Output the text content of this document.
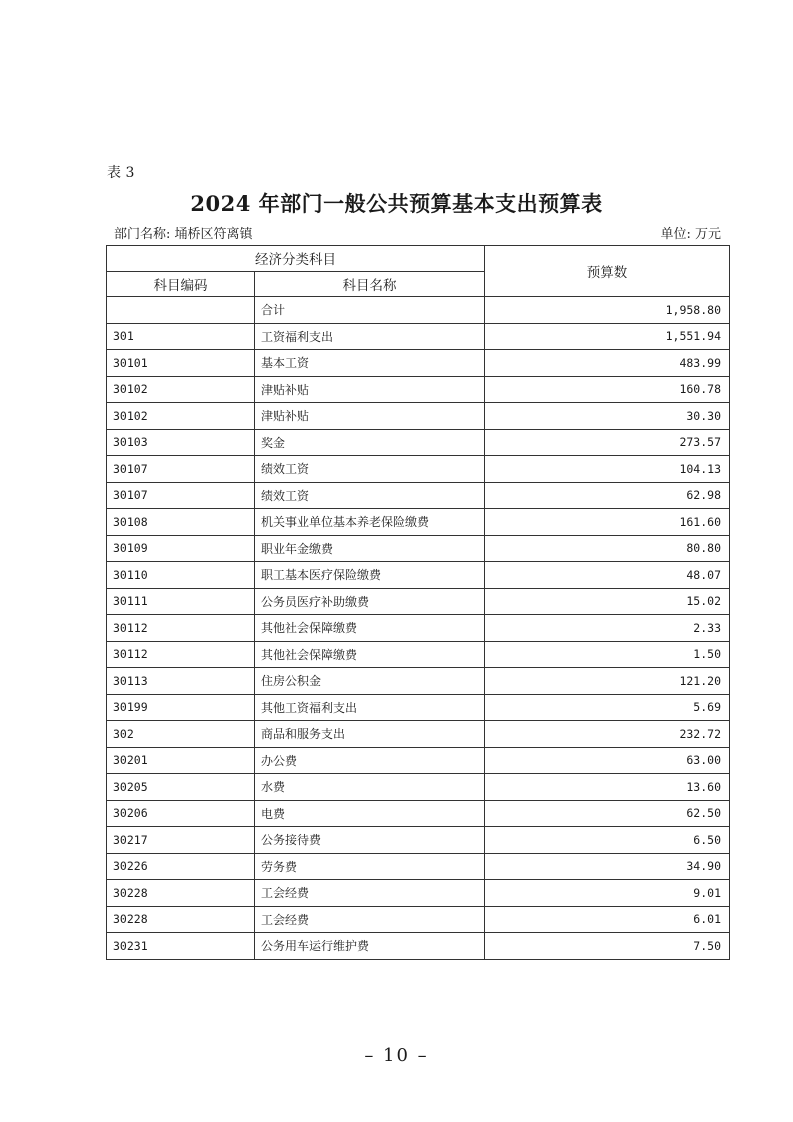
表 3
2024 年部门一般公共预算基本支出预算表
部门名称: 埇桥区符离镇	单位: 万元
经济分类科目		预算数
科目编码	科目名称	
	合计	1,958.80
301	工资福利支出	1,551.94
30101	基本工资	483.99
30102	津贴补贴	160.78
30102	津贴补贴	30.30
30103	奖金	273.57
30107	绩效工资	104.13
30107	绩效工资	62.98
30108	机关事业单位基本养老保险缴费	161.60
30109	职业年金缴费	80.80
30110	职工基本医疗保险缴费	48.07
30111	公务员医疗补助缴费	15.02
30112	其他社会保障缴费	2.33
30112	其他社会保障缴费	1.50
30113	住房公积金	121.20
30199	其他工资福利支出	5.69
302	商品和服务支出	232.72
30201	办公费	63.00
30205	水费	13.60
30206	电费	62.50
30217	公务接待费	6.50
30226	劳务费	34.90
30228	工会经费	9.01
30228	工会经费	6.01
30231	公务用车运行维护费	7.50
– 10 –
